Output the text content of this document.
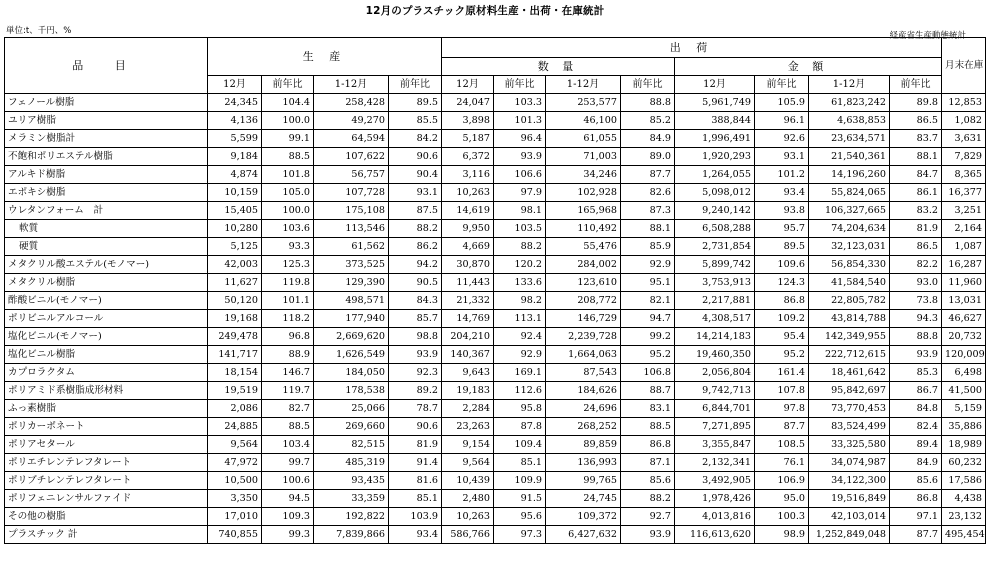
12月のプラスチック原材料生産・出荷・在庫統計
単位:t、千円、%	経産省生産動態統計
品 目	生 産				出 荷								月末在庫
					数 量				金 額				
	12月	前年比	1-12月	前年比	12月	前年比	1-12月	前年比	12月	前年比	1-12月	前年比	
フェノール樹脂	24,345	104.4	258,428	89.5	24,047	103.3	253,577	88.8	5,961,749	105.9	61,823,242	89.8	12,853
ユリア樹脂	4,136	100.0	49,270	85.5	3,898	101.3	46,100	85.2	388,844	96.1	4,638,853	86.5	1,082
メラミン樹脂計	5,599	99.1	64,594	84.2	5,187	96.4	61,055	84.9	1,996,491	92.6	23,634,571	83.7	3,631
不飽和ポリエステル樹脂	9,184	88.5	107,622	90.6	6,372	93.9	71,003	89.0	1,920,293	93.1	21,540,361	88.1	7,829
アルキド樹脂	4,874	101.8	56,757	90.4	3,116	106.6	34,246	87.7	1,264,055	101.2	14,196,260	84.7	8,365
エポキシ樹脂	10,159	105.0	107,728	93.1	10,263	97.9	102,928	82.6	5,098,012	93.4	55,824,065	86.1	16,377
ウレタンフォーム　計	15,405	100.0	175,108	87.5	14,619	98.1	165,968	87.3	9,240,142	93.8	106,327,665	83.2	3,251
軟質	10,280	103.6	113,546	88.2	9,950	103.5	110,492	88.1	6,508,288	95.7	74,204,634	81.9	2,164
硬質	5,125	93.3	61,562	86.2	4,669	88.2	55,476	85.9	2,731,854	89.5	32,123,031	86.5	1,087
メタクリル酸エステル(モノマー)	42,003	125.3	373,525	94.2	30,870	120.2	284,002	92.9	5,899,742	109.6	56,854,330	82.2	16,287
メタクリル樹脂	11,627	119.8	129,390	90.5	11,443	133.6	123,610	95.1	3,753,913	124.3	41,584,540	93.0	11,960
酢酸ビニル(モノマー)	50,120	101.1	498,571	84.3	21,332	98.2	208,772	82.1	2,217,881	86.8	22,805,782	73.8	13,031
ポリビニルアルコール	19,168	118.2	177,940	85.7	14,769	113.1	146,729	94.7	4,308,517	109.2	43,814,788	94.3	46,627
塩化ビニル(モノマー)	249,478	96.8	2,669,620	98.8	204,210	92.4	2,239,728	99.2	14,214,183	95.4	142,349,955	88.8	20,732
塩化ビニル樹脂	141,717	88.9	1,626,549	93.9	140,367	92.9	1,664,063	95.2	19,460,350	95.2	222,712,615	93.9	120,009
カプロラクタム	18,154	146.7	184,050	92.3	9,643	169.1	87,543	106.8	2,056,804	161.4	18,461,642	85.3	6,498
ポリアミド系樹脂成形材料	19,519	119.7	178,538	89.2	19,183	112.6	184,626	88.7	9,742,713	107.8	95,842,697	86.7	41,500
ふっ素樹脂	2,086	82.7	25,066	78.7	2,284	95.8	24,696	83.1	6,844,701	97.8	73,770,453	84.8	5,159
ポリカーボネート	24,885	88.5	269,660	90.6	23,263	87.8	268,252	88.5	7,271,895	87.7	83,524,499	82.4	35,886
ポリアセタール	9,564	103.4	82,515	81.9	9,154	109.4	89,859	86.8	3,355,847	108.5	33,325,580	89.4	18,989
ポリエチレンテレフタレート	47,972	99.7	485,319	91.4	9,564	85.1	136,993	87.1	2,132,341	76.1	34,074,987	84.9	60,232
ポリブチレンテレフタレート	10,500	100.6	93,435	81.6	10,439	109.9	99,765	85.6	3,492,905	106.9	34,122,300	85.6	17,586
ポリフェニレンサルファイド	3,350	94.5	33,359	85.1	2,480	91.5	24,745	88.2	1,978,426	95.0	19,516,849	86.8	4,438
その他の樹脂	17,010	109.3	192,822	103.9	10,263	95.6	109,372	92.7	4,013,816	100.3	42,103,014	97.1	23,132
プラスチック 計	740,855	99.3	7,839,866	93.4	586,766	97.3	6,427,632	93.9	116,613,620	98.9	1,252,849,048	87.7	495,454
